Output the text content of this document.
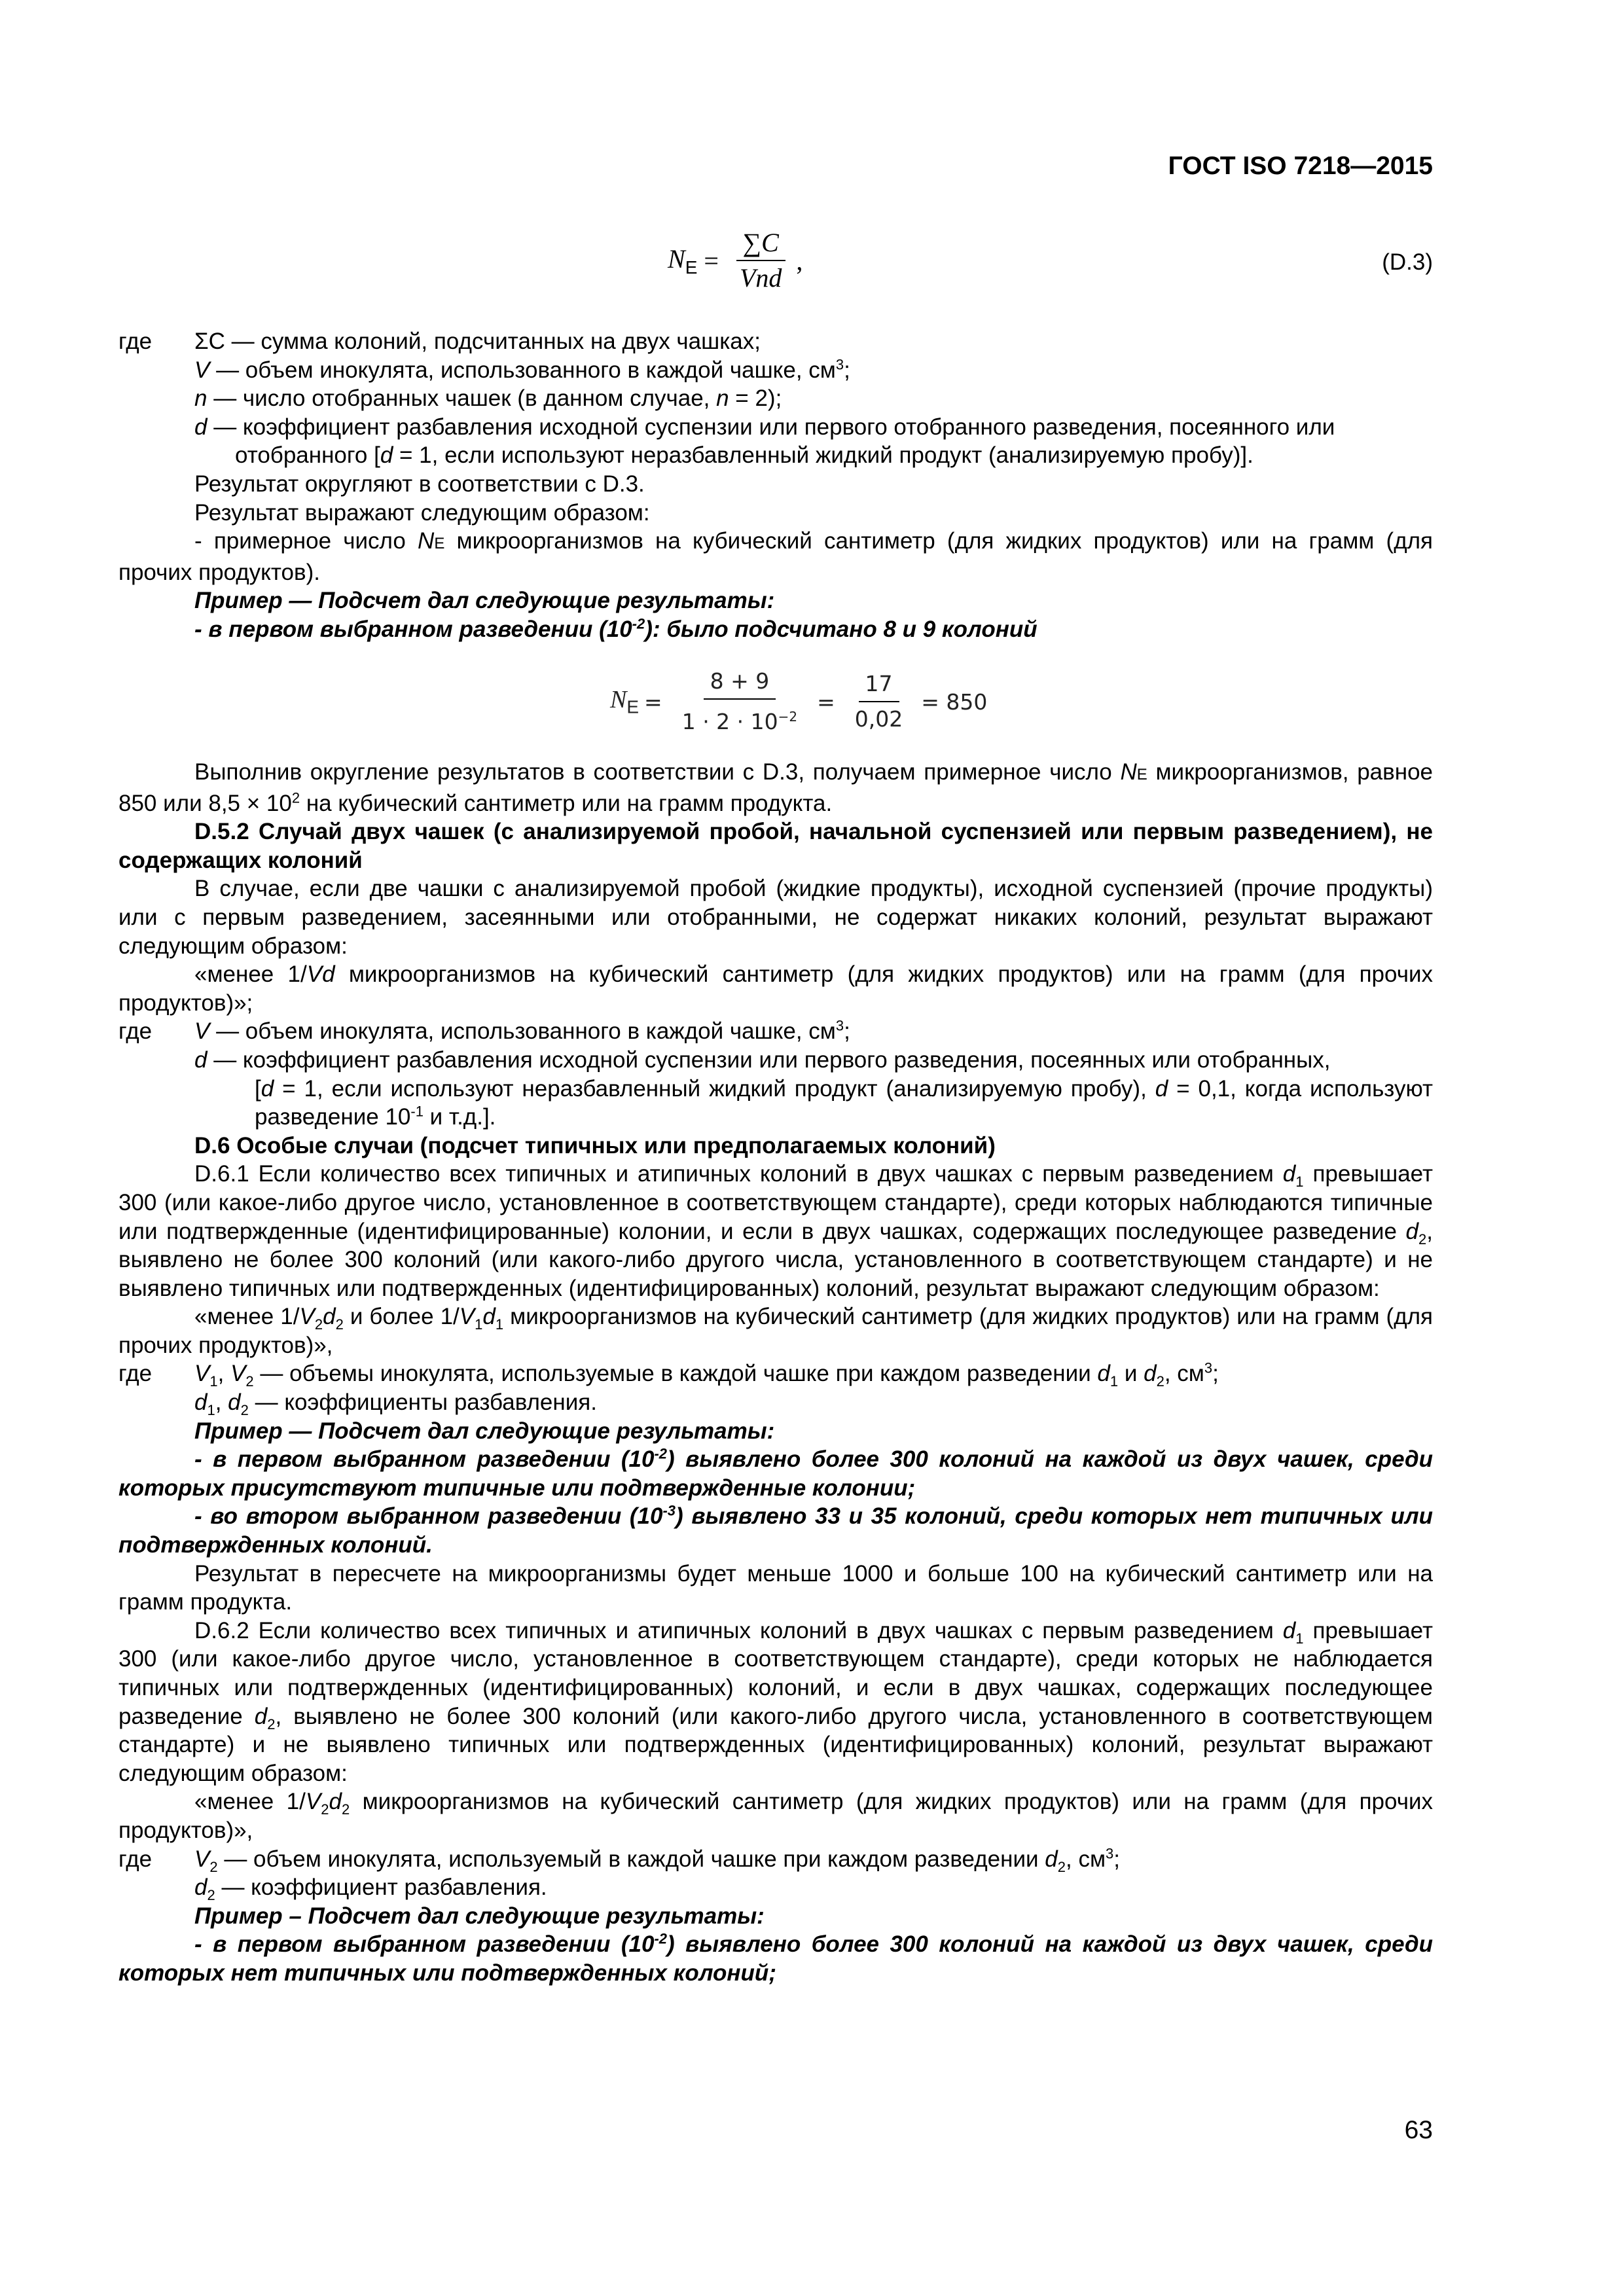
ГОСТ ISO 7218—2015
$N_E = \frac{\sum C}{\text{Vnd}}$ ,	(D.3)
где	ΣC — сумма колоний, подсчитанных на двух чашках;

V — объем инокулята, использованного в каждой чашке, $см^3$;

n — число отобранных чашек (в данном случае, n = 2);

d — коэффициент разбавления исходной суспензии или первого отобранного разведения, посеянного или

отобранного [d = 1, если используют неразбавленный жидкий продукт (анализируемую пробу)].

Результат округляют в соответствии с D.3.

Результат выражают следующим образом:

- примерное число NE микроорганизмов на кубический сантиметр (для жидких продуктов) или на грамм (для прочих продуктов).

Пример — Подсчет дал следующие результаты:

- в первом выбранном разведении $(10^{-2})$: было подсчитано 8 и 9 колоний

$N_E = \frac{8 + 9}{1 \cdot 2 \cdot 10^{-2}} = \frac{17}{0,02} = 850$

Выполнив округление результатов в соответствии с D.3, получаем примерное число NE микроорганизмов, равное 850 или $8,5 \times 10^2$ на кубический сантиметр или на грамм продукта.

D.5.2 Случай двух чашек (с анализируемой пробой, начальной суспензией или первым разведением), не содержащих колоний

В случае, если две чашки с анализируемой пробой (жидкие продукты), исходной суспензией (прочие продукты) или с первым разведением, засеянными или отобранными, не содержат никаких колоний, результат выражают следующим образом:

«менее 1/Vd микроорганизмов на кубический сантиметр (для жидких продуктов) или на грамм (для прочих продуктов)»;

где	V — объем инокулята, использованного в каждой чашке, $см^3$;

d — коэффициент разбавления исходной суспензии или первого разведения, посеянных или отобранных,

[d = 1, если используют неразбавленный жидкий продукт (анализируемую пробу), d = 0,1, когда используют разведение $10^{-1}$ и т.д.].

D.6 Особые случаи (подсчет типичных или предполагаемых колоний)

D.6.1 Если количество всех типичных и атипичных колоний в двух чашках с первым разведением $d_1$ превышает 300 (или какое-либо другое число, установленное в соответствующем стандарте), среди которых наблюдаются типичные или подтвержденные (идентифицированные) колонии, и если в двух чашках, содержащих последующее разведение $d_2$, выявлено не более 300 колоний (или какого-либо другого числа, установленного в соответствующем стандарте) и не выявлено типичных или подтвержденных (идентифицированных) колоний, результат выражают следующим образом:

«менее $1/V_2d_2$ и более $1/V_1d_1$ микроорганизмов на кубический сантиметр (для жидких продуктов) или на грамм (для прочих продуктов)»,

где	$V_1$, $V_2$ — объемы инокулята, используемые в каждой чашке при каждом разведении $d_1$ и $d_2$, $см^3$;

$d_1$, $d_2$ — коэффициенты разбавления.

Пример — Подсчет дал следующие результаты:

- в первом выбранном разведении $(10^{-2})$ выявлено более 300 колоний на каждой из двух чашек, среди которых присутствуют типичные или подтвержденные колонии;

- во втором выбранном разведении $(10^{-3})$ выявлено 33 и 35 колоний, среди которых нет типичных или подтвержденных колоний.

Результат в пересчете на микроорганизмы будет меньше 1000 и больше 100 на кубический сантиметр или на грамм продукта.

D.6.2 Если количество всех типичных и атипичных колоний в двух чашках с первым разведением $d_1$ превышает 300 (или какое-либо другое число, установленное в соответствующем стандарте), среди которых не наблюдается типичных или подтвержденных (идентифицированных) колоний, и если в двух чашках, содержащих последующее разведение $d_2$, выявлено не более 300 колоний (или какого-либо другого числа, установленного в соответствующем стандарте) и не выявлено типичных или подтвержденных (идентифицированных) колоний, результат выражают следующим образом:

«менее $1/V_2d_2$ микроорганизмов на кубический сантиметр (для жидких продуктов) или на грамм (для прочих продуктов)»,

где	$V_2$ — объем инокулята, используемый в каждой чашке при каждом разведении $d_2$, $см^3$;

$d_2$ — коэффициент разбавления.

Пример – Подсчет дал следующие результаты:

- в первом выбранном разведении $(10^{-2})$ выявлено более 300 колоний на каждой из двух чашек, среди которых нет типичных или подтвержденных колоний;

63
